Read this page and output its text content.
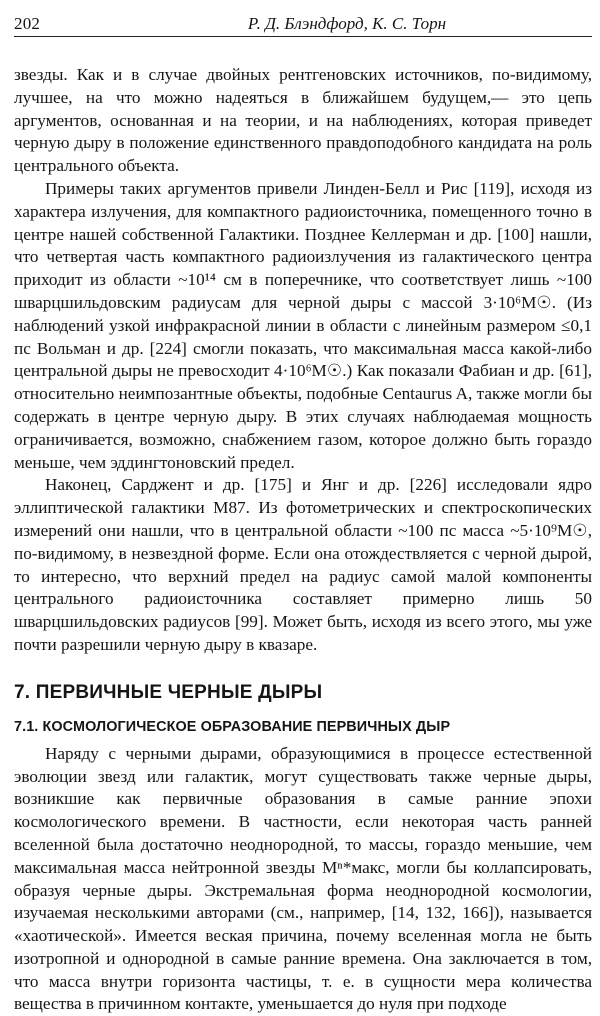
202	Р. Д. Блэндфорд, К. С. Торн

звезды. Как и в случае двойных рентгеновских источников, по-видимому, лучшее, на что можно надеяться в ближайшем будущем,— это цепь аргументов, основанная и на теории, и на наблюдениях, которая приведет черную дыру в положение единственного правдоподобного кандидата на роль центрального объекта.

Примеры таких аргументов привели Линден-Белл и Рис [119], исходя из характера излучения, для компактного радиоисточника, помещенного точно в центре нашей собственной Галактики. Позднее Келлерман и др. [100] нашли, что четвертая часть компактного радиоизлучения из галактического центра приходит из области ~10¹⁴ см в поперечнике, что соответствует лишь ~100 шварцшильдовским радиусам для черной дыры с массой 3·10⁶M☉. (Из наблюдений узкой инфракрасной линии в области с линейным размером ≤0,1 пс Вольман и др. [224] смогли показать, что максимальная масса какой-либо центральной дыры не превосходит 4·10⁶M☉.) Как показали Фабиан и др. [61], относительно неимпозантные объекты, подобные Centaurus A, также могли бы содержать в центре черную дыру. В этих случаях наблюдаемая мощность ограничивается, возможно, снабжением газом, которое должно быть гораздо меньше, чем эддингтоновский предел.

Наконец, Сарджент и др. [175] и Янг и др. [226] исследовали ядро эллиптической галактики M87. Из фотометрических и спектроскопических измерений они нашли, что в центральной области ~100 пс масса ~5·10⁹M☉, по-видимому, в незвездной форме. Если она отождествляется с черной дырой, то интересно, что верхний предел на радиус самой малой компоненты центрального радиоисточника составляет примерно лишь 50 шварцшильдовских радиусов [99]. Может быть, исходя из всего этого, мы уже почти разрешили черную дыру в квазаре.

7. ПЕРВИЧНЫЕ ЧЕРНЫЕ ДЫРЫ
7.1. КОСМОЛОГИЧЕСКОЕ ОБРАЗОВАНИЕ ПЕРВИЧНЫХ ДЫР

Наряду с черными дырами, образующимися в процессе естественной эволюции звезд или галактик, могут существовать также черные дыры, возникшие как первичные образования в самые ранние эпохи космологического времени. В частности, если некоторая часть ранней вселенной была достаточно неоднородной, то массы, гораздо меньшие, чем максимальная масса нейтронной звезды Mⁿ*макс, могли бы коллапсировать, образуя черные дыры. Экстремальная форма неоднородной космологии, изучаемая несколькими авторами (см., например, [14, 132, 166]), называется «хаотической». Имеется веская причина, почему вселенная могла не быть изотропной и однородной в самые ранние времена. Она заключается в том, что масса внутри горизонта частицы, т. е. в сущности мера количества вещества в причинном контакте, уменьшается до нуля при подходе
